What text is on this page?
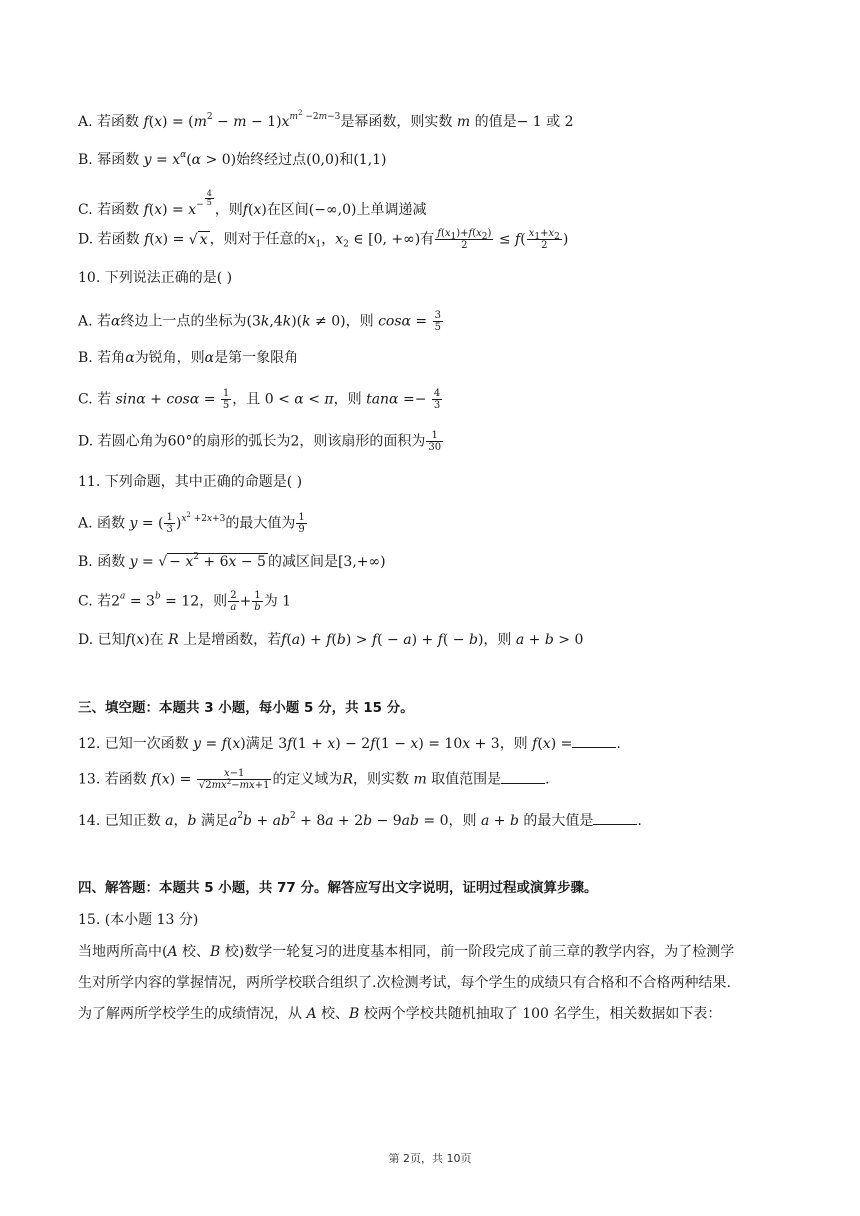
A. 若函数 $f(x) = (m^2 - m - 1)x^{m^2 -2m-3}$是幂函数，则实数 m 的值是− 1 或 2
B. 幂函数 $y = x^\alpha(\alpha > 0)$始终经过点(0,0)和(1,1)
C. 若函数 $f(x) = x^{- \frac{4}{5}}$
，则f(x)在区间(−∞,0)上单调递减
D. 若函数 f(x) = √ x ，则对于任意的$x_1$，$x_2$ ∈ [0, +∞)有 $\frac{f(x_1)+f(x_2)}{2} \le f( \frac{x_1+x_2}{2}$ )
10. 下列说法正确的是( )
A. 若α终边上一点的坐标为(3k,4k)(k ≠ 0)，则 $\cos\alpha = \frac{3}{5}$
B. 若角α为锐角，则α是第一象限角
C. 若 $\sin\alpha + \cos\alpha = \frac{1}{5}$ ，且 0 < α < π，则 $\tan\alpha =- \frac{4}{3}$
D. 若圆心角为60°的扇形的弧长为2，则该扇形的面积为 $\frac{1}{30}$
11. 下列命题，其中正确的命题是( )
A. 函数 y = ( $\frac{1}{3} )^{x^2 +2x+3}$的最大值为 $\frac{1}{9}$
B. 函数 y = √ − $x^2 + 6x - 5$ 的减区间是[3,+∞)
C. 若$2^a = 3^b = 12$，则 $\frac{2}{a} + \frac{1}{b}$ 为 1
D. 已知f(x)在 R 上是增函数，若f(a) + f(b) > f( − a) + f( − b)，则 a + b > 0
三、填空题：本题共 3 小题，每小题 5 分，共 15 分。
12. 已知一次函数 y = f(x)满足 3f(1 + x) − 2f(1 − x) = 10x + 3，则 f(x) =	.
13. 若函数 $f(x) = \frac{x-1}{√2mx^2-mx+1}$ 的定义域为R，则实数 m 取值范围是	.
14. 已知正数 a，b 满足$a^2b + ab^2 + 8a + 2b - 9ab = 0$，则 a + b 的最大值是	.
四、解答题：本题共 5 小题，共 77 分。解答应写出文字说明，证明过程或演算步骤。
15. (本小题 13 分)
当地两所高中(A 校、B 校)数学一轮复习的进度基本相同，前一阶段完成了前三章的教学内容，为了检测学
生对所学内容的掌握情况，两所学校联合组织了.次检测考试，每个学生的成绩只有合格和不合格两种结果.
为了解两所学校学生的成绩情况，从 A 校、B 校两个学校共随机抽取了 100 名学生，相关数据如下表：
第 2页，共 10页
